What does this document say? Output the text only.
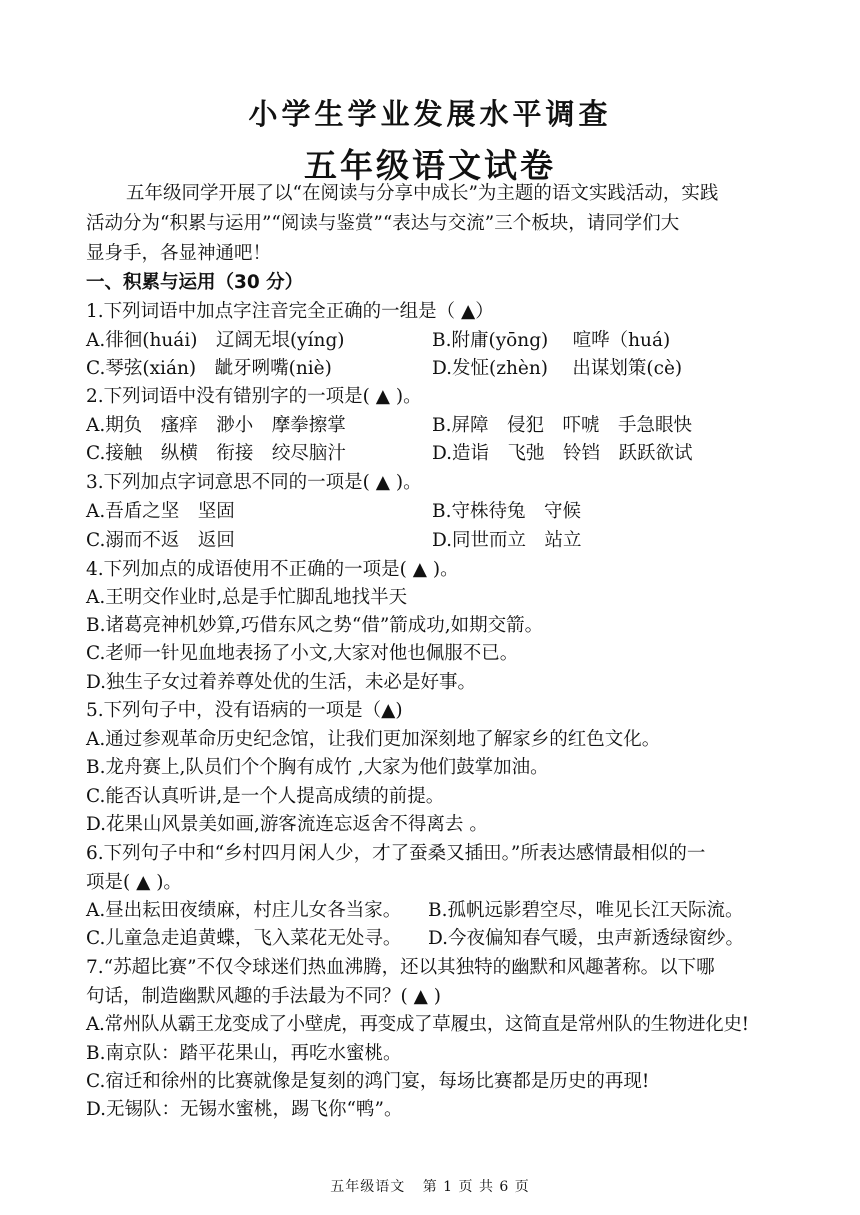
小学生学业发展水平调查
五年级语文试卷
五年级同学开展了以“在阅读与分享中成长”为主题的语文实践活动，实践
活动分为“积累与运用”“阅读与鉴赏”“表达与交流”三个板块，请同学们大
显身手，各显神通吧！
一、积累与运用（30 分）
1.下列词语中加点字注音完全正确的一组是（ ▲）
A.徘徊(huái)　辽阔无垠(yíng)	B.附庸(yōng)　 喧哗（huá)
C.琴弦(xián)　龇牙咧嘴(niè)	D.发怔(zhèn)　 出谋划策(cè)
2.下列词语中没有错别字的一项是( ▲ )。
A.期负　瘙痒　渺小　摩拳擦掌	B.屏障　侵犯　吓唬　手急眼快
C.接触　纵横　衔接　绞尽脑汁	D.造诣　飞弛　铃铛　跃跃欲试
3.下列加点字词意思不同的一项是( ▲ )。
A.吾盾之坚　坚固	B.守株待兔　守候
C.溺而不返　返回	D.同世而立　站立
4.下列加点的成语使用不正确的一项是( ▲ )。
A.王明交作业时,总是手忙脚乱地找半天
B.诸葛亮神机妙算,巧借东风之势“借”箭成功,如期交箭。
C.老师一针见血地表扬了小文,大家对他也佩服不已。
D.独生子女过着养尊处优的生活，未必是好事。
5.下列句子中，没有语病的一项是（▲)
A.通过参观革命历史纪念馆，让我们更加深刻地了解家乡的红色文化。
B.龙舟赛上,队员们个个胸有成竹 ,大家为他们鼓掌加油。
C.能否认真听讲,是一个人提高成绩的前提。
D.花果山风景美如画,游客流连忘返舍不得离去 。
6.下列句子中和“乡村四月闲人少，才了蚕桑又插田。”所表达感情最相似的一
项是( ▲ )。
A.昼出耘田夜绩麻，村庄儿女各当家。 B.孤帆远影碧空尽，唯见长江天际流。
C.儿童急走追黄蝶，飞入菜花无处寻。 D.今夜偏知春气暖，虫声新透绿窗纱。
7.“苏超比赛”不仅令球迷们热血沸腾，还以其独特的幽默和风趣著称。以下哪
句话，制造幽默风趣的手法最为不同？( ▲ )
A.常州队从霸王龙变成了小壁虎，再变成了草履虫，这简直是常州队的生物进化史!
B.南京队：踏平花果山，再吃水蜜桃。
C.宿迁和徐州的比赛就像是复刻的鸿门宴，每场比赛都是历史的再现!
D.无锡队：无锡水蜜桃，踢飞你“鸭”。
五年级语文 第 1 页 共 6 页
